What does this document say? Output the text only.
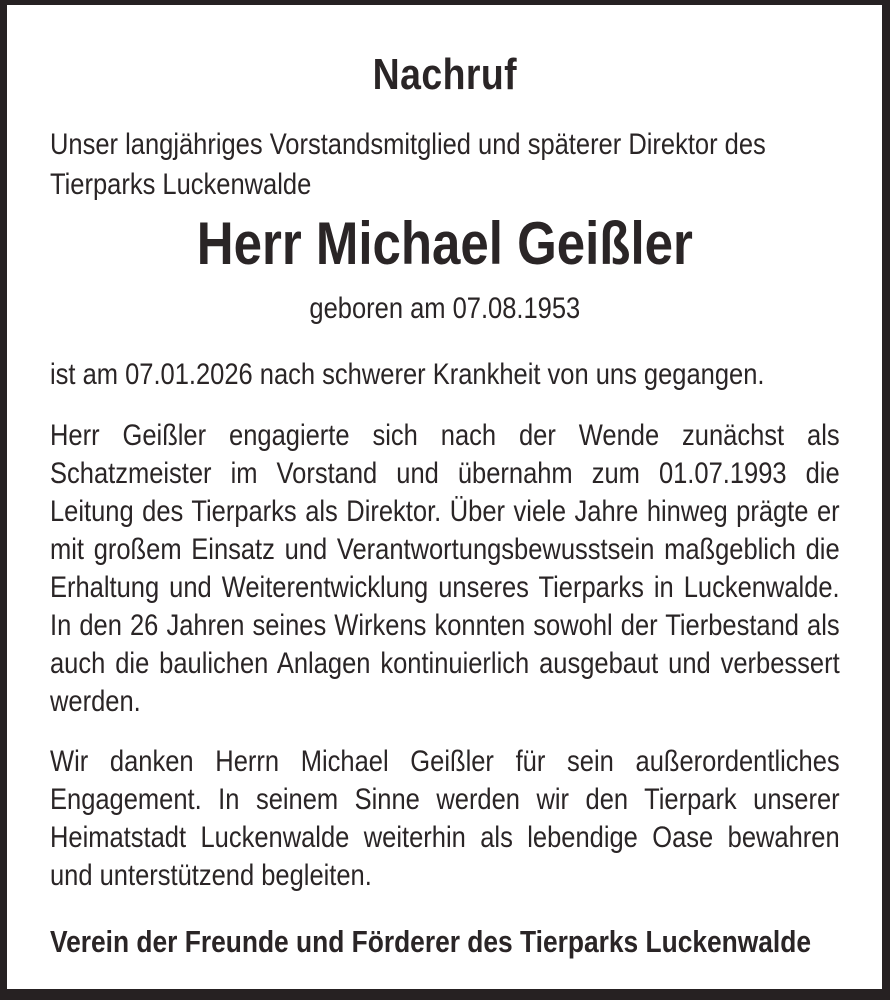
Nachruf

Unser langjähriges Vorstandsmitglied und späterer Direktor des Tierparks Luckenwalde

Herr Michael Geißler

geboren am 07.08.1953

ist am 07.01.2026 nach schwerer Krankheit von uns gegangen.

Herr Geißler engagierte sich nach der Wende zunächst als Schatzmeister im Vorstand und übernahm zum 01.07.1993 die Leitung des Tierparks als Direktor. Über viele Jahre hinweg prägte er mit großem Einsatz und Verantwortungsbewusstsein maßgeblich die Erhaltung und Weiterentwicklung unseres Tierparks in Luckenwalde. In den 26 Jahren seines Wirkens konnten sowohl der Tierbestand als auch die baulichen Anlagen kontinuierlich ausgebaut und verbessert werden.

Wir danken Herrn Michael Geißler für sein außerordentliches Engagement. In seinem Sinne werden wir den Tierpark unserer Heimatstadt Luckenwalde weiterhin als lebendige Oase bewahren und unterstützend begleiten.

Verein der Freunde und Förderer des Tierparks Luckenwalde
